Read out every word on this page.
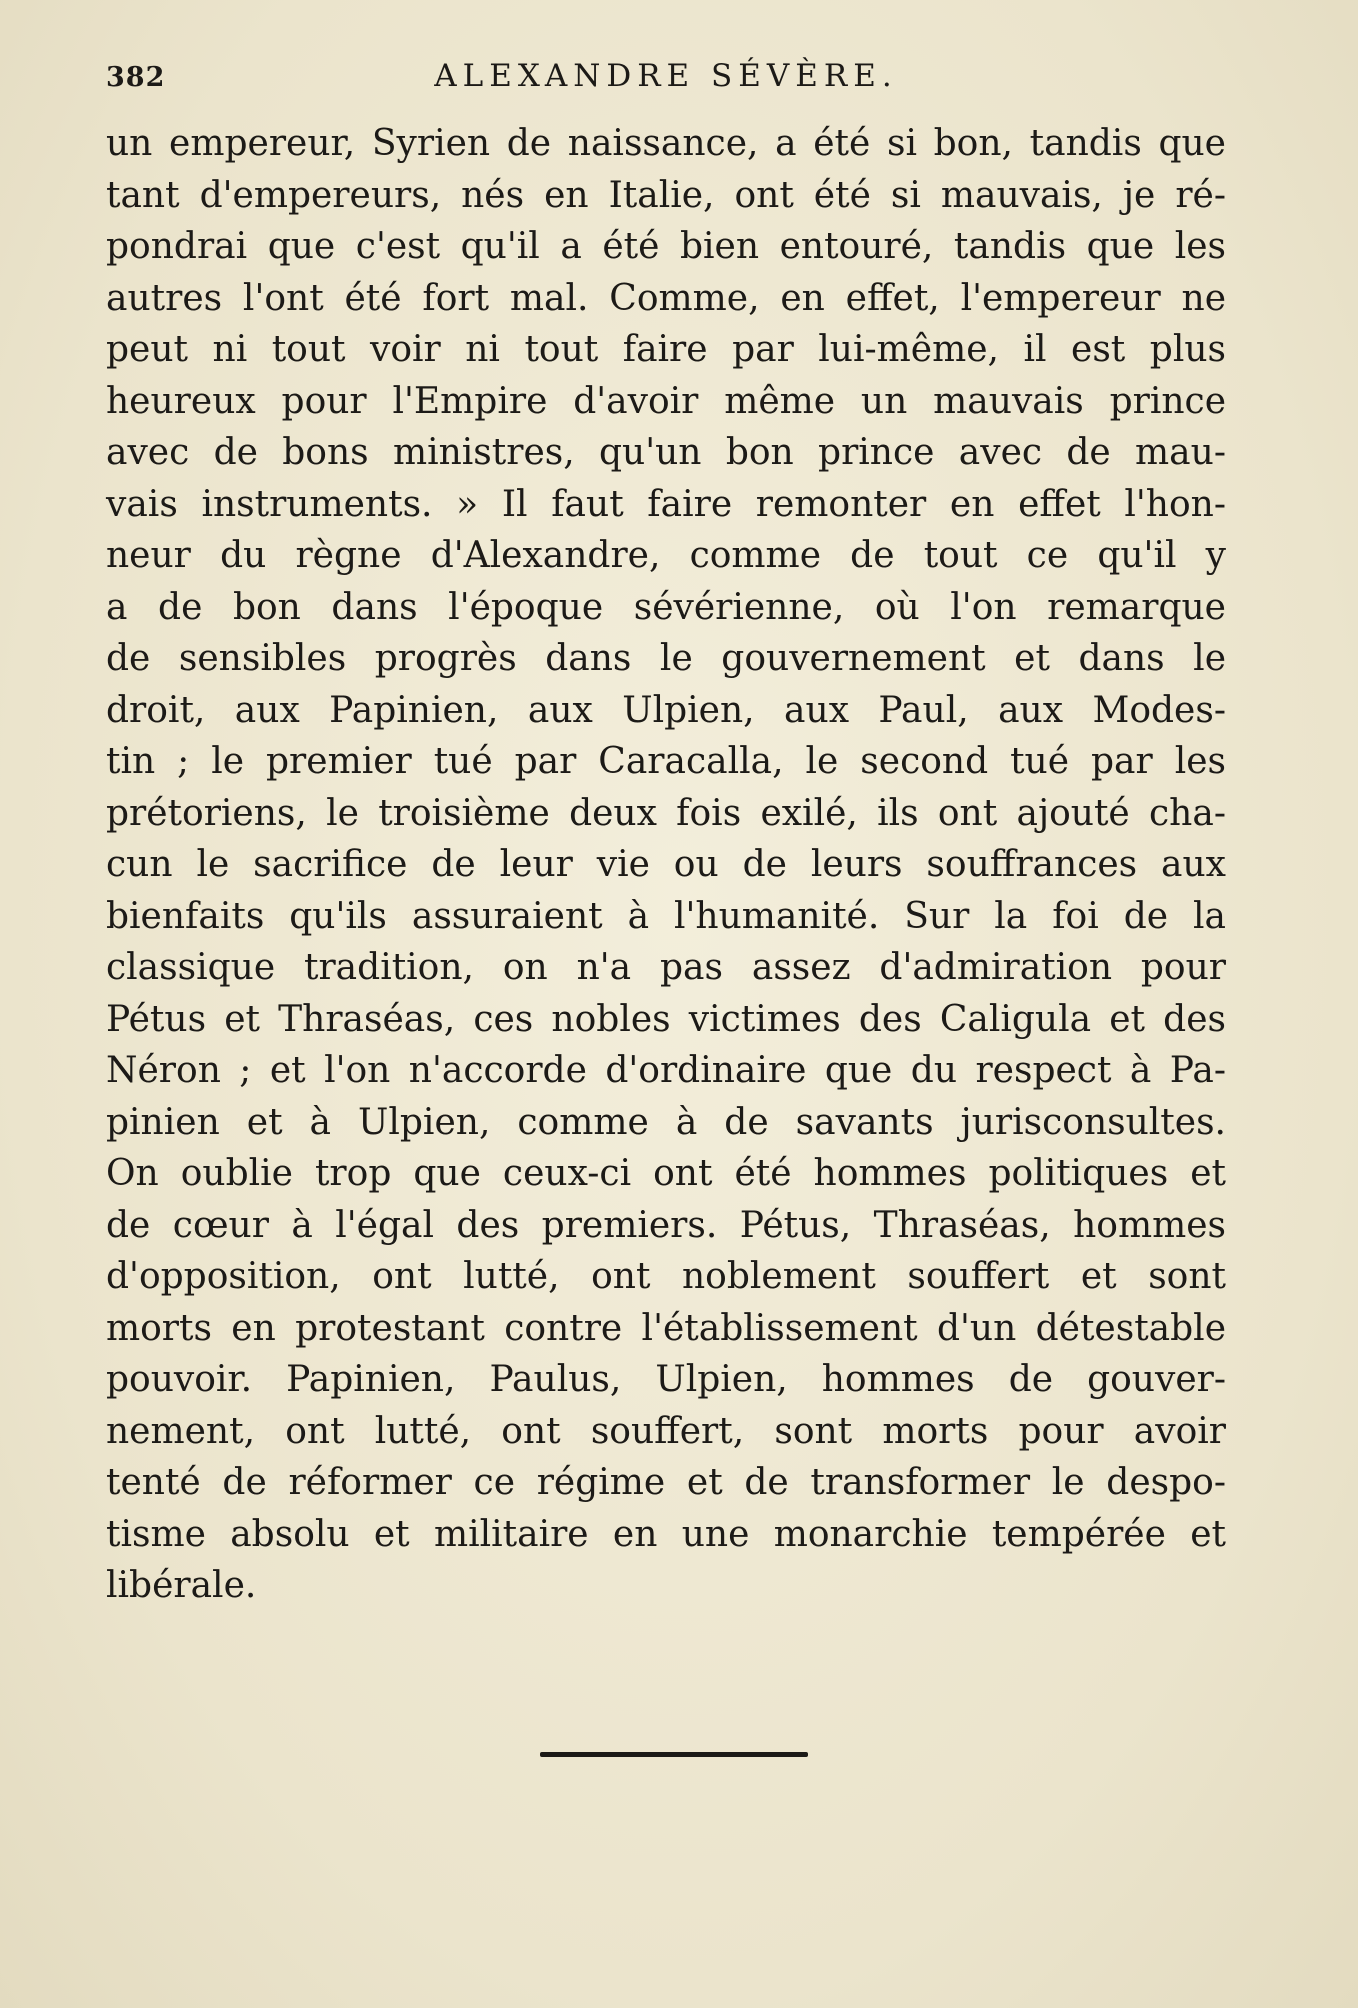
382	ALEXANDRE SÉVÈRE.
un empereur, Syrien de naissance, a été si bon, tandis que
tant d'empereurs, nés en Italie, ont été si mauvais, je ré-
pondrai que c'est qu'il a été bien entouré, tandis que les
autres l'ont été fort mal. Comme, en effet, l'empereur ne
peut ni tout voir ni tout faire par lui-même, il est plus
heureux pour l'Empire d'avoir même un mauvais prince
avec de bons ministres, qu'un bon prince avec de mau-
vais instruments. » Il faut faire remonter en effet l'hon-
neur du règne d'Alexandre, comme de tout ce qu'il y
a de bon dans l'époque sévérienne, où l'on remarque
de sensibles progrès dans le gouvernement et dans le
droit, aux Papinien, aux Ulpien, aux Paul, aux Modes-
tin ; le premier tué par Caracalla, le second tué par les
prétoriens, le troisième deux fois exilé, ils ont ajouté cha-
cun le sacrifice de leur vie ou de leurs souffrances aux
bienfaits qu'ils assuraient à l'humanité. Sur la foi de la
classique tradition, on n'a pas assez d'admiration pour
Pétus et Thraséas, ces nobles victimes des Caligula et des
Néron ; et l'on n'accorde d'ordinaire que du respect à Pa-
pinien et à Ulpien, comme à de savants jurisconsultes.
On oublie trop que ceux-ci ont été hommes politiques et
de cœur à l'égal des premiers. Pétus, Thraséas, hommes
d'opposition, ont lutté, ont noblement souffert et sont
morts en protestant contre l'établissement d'un détestable
pouvoir. Papinien, Paulus, Ulpien, hommes de gouver-
nement, ont lutté, ont souffert, sont morts pour avoir
tenté de réformer ce régime et de transformer le despo-
tisme absolu et militaire en une monarchie tempérée et
libérale.
